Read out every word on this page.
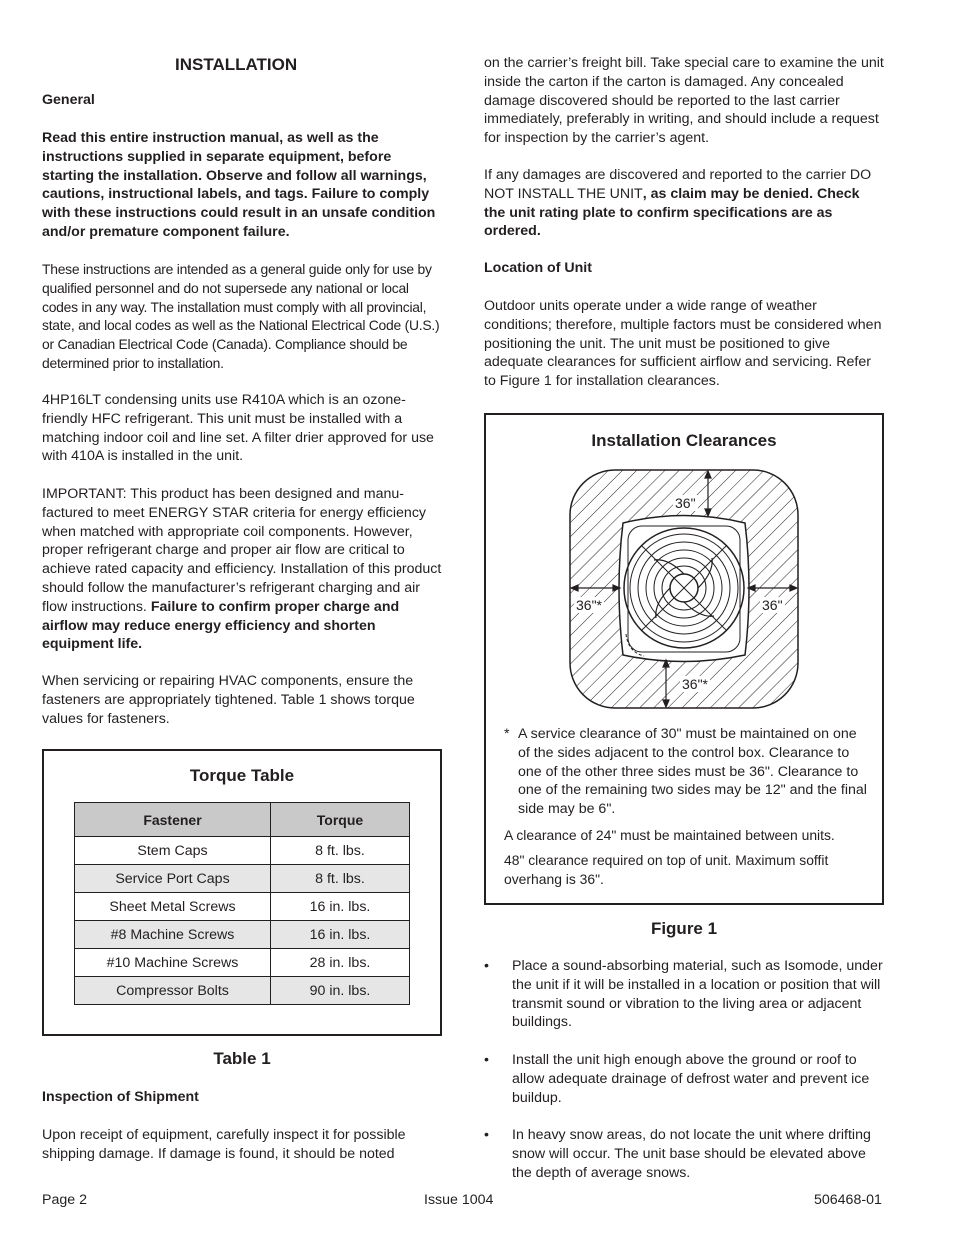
INSTALLATION
General

Read this entire instruction manual, as well as the instructions supplied in separate equipment, before starting the installation. Observe and follow all warnings, cautions, instructional labels, and tags. Failure to comply with these instructions could result in an unsafe condition and/or premature component failure.

These instructions are intended as a general guide only for use by qualified personnel and do not supersede any national or local codes in any way. The installation must comply with all provincial, state, and local codes as well as the National Electrical Code (U.S.) or Canadian Electrical Code (Canada). Compliance should be determined prior to installation.

4HP16LT condensing units use R410A which is an ozone-friendly HFC refrigerant. This unit must be installed with a matching indoor coil and line set. A filter drier approved for use with 410A is installed in the unit.

IMPORTANT: This product has been designed and manufactured to meet ENERGY STAR criteria for energy efficiency when matched with appropriate coil components. However, proper refrigerant charge and proper air flow are critical to achieve rated capacity and efficiency. Installation of this product should follow the manufacturer’s refrigerant charging and air flow instructions. Failure to confirm proper charge and airflow may reduce energy efficiency and shorten equipment life.

When servicing or repairing HVAC components, ensure the fasteners are appropriately tightened. Table 1 shows torque values for fasteners.

Torque Table
Fastener	Torque
Stem Caps	8 ft. lbs.
Service Port Caps	8 ft. lbs.
Sheet Metal Screws	16 in. lbs.
#8 Machine Screws	16 in. lbs.
#10 Machine Screws	28 in. lbs.
Compressor Bolts	90 in. lbs.
Table 1
Inspection of Shipment

Upon receipt of equipment, carefully inspect it for possible shipping damage. If damage is found, it should be noted

on the carrier’s freight bill. Take special care to examine the unit inside the carton if the carton is damaged. Any concealed damage discovered should be reported to the last carrier immediately, preferably in writing, and should include a request for inspection by the carrier’s agent.

If any damages are discovered and reported to the carrier DO NOT INSTALL THE UNIT, as claim may be denied. Check the unit rating plate to confirm specifications are as ordered.

Location of Unit

Outdoor units operate under a wide range of weather conditions; therefore, multiple factors must be considered when positioning the unit. The unit must be positioned to give adequate clearances for sufficient airflow and servicing. Refer to Figure 1 for installation clearances.

Installation Clearances
36"
36"*	36"
36"*
* A service clearance of 30" must be maintained on one of the sides adjacent to the control box. Clearance to one of the other three sides must be 36". Clearance to one of the remaining two sides may be 12" and the final side may be 6".
A clearance of 24" must be maintained between units.
48" clearance required on top of unit. Maximum soffit overhang is 36".
Figure 1
• Place a sound-absorbing material, such as Isomode, under the unit if it will be installed in a location or position that will transmit sound or vibration to the living area or adjacent buildings.
• Install the unit high enough above the ground or roof to allow adequate drainage of defrost water and prevent ice buildup.
• In heavy snow areas, do not locate the unit where drifting snow will occur. The unit base should be elevated above the depth of average snows.
Page 2	Issue 1004	506468-01
